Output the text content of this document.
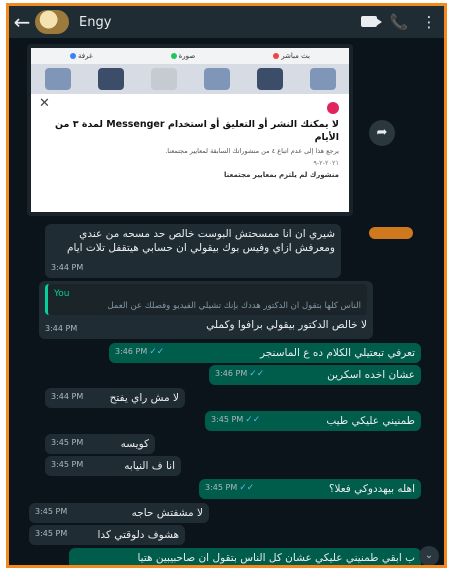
←	Engy	📞 ⋮
غرفة	صورة	بث مباشر
✕
لا يمكنك النشر أو التعليق أو استخدام Messenger لمدة ٣ من الأيام
يرجع هذا إلى عدم اتباع ٤ من منشوراتك السابقة لمعايير مجتمعنا.
٢٠٢١-٢-٩
منشورك لم يلتزم بمعايير مجتمعنا
➦
شيري ان انا ممسحتش البوست خالص حد مسحه من عندي ومعرفش ازاي وفيس بوك بيقولي ان حسابي هيتقفل تلات ايام
3:44 PM
You
الناس كلها بتقول ان الدكتور هددك بإنك تشيلي الفيديو وفصلك عن العمل
لا خالص الدكتور بيقولي برافوا وكملي
3:44 PM
تعرفي تبعتيلي الكلام ده ع الماسنجر
3:46 PM ✓✓
عشان اخده اسكرين
3:46 PM ✓✓
لا مش راي يفتح
3:44 PM
طمنيني عليكي طيب
3:45 PM ✓✓
كويسه
3:45 PM
انا ف النيابه
3:45 PM
اهله بيهددوكي فعلا؟
3:45 PM ✓✓
لا مشفتش حاجه
3:45 PM
هشوف دلوقتي كدا
3:45 PM
ب ابقي طمنيني عليكي عشان كل الناس بتقول ان صاحبيبين هتيا ⌄
